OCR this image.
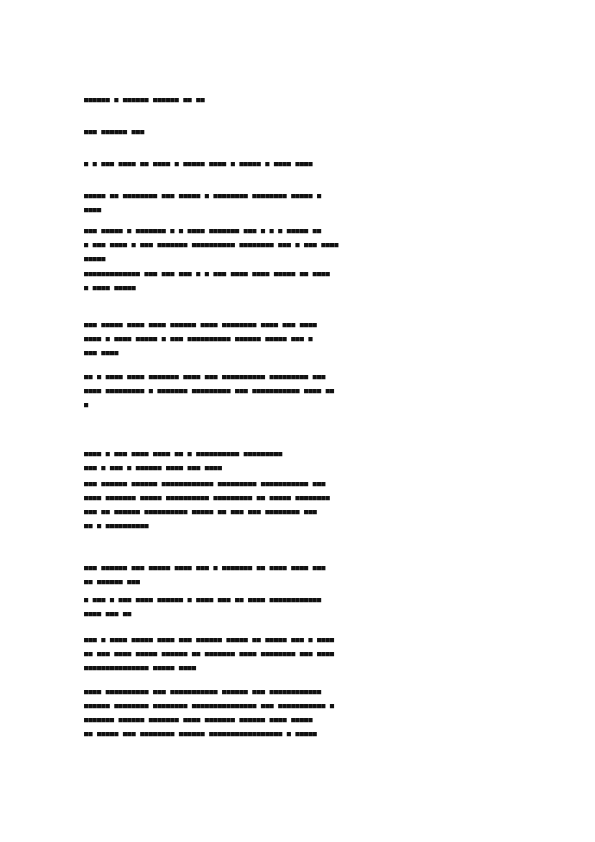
■■■■■■ ■ ■■■■■■ ■■■■■■ ■■ ■■
■■■ ■■■■■■ ■■■
■ ■ ■■■ ■■■■ ■■ ■■■■ ■ ■■■■■ ■■■■ ■ ■■■■■ ■ ■■■■ ■■■■
■■■■■ ■■ ■■■■■■■■ ■■■ ■■■■■ ■ ■■■■■■■■ ■■■■■■■■ ■■■■■ ■
■■■■
■■■ ■■■■■ ■ ■■■■■■■ ■ ■ ■■■■ ■■■■■■■ ■■■ ■ ■ ■ ■■■■■ ■■
■ ■■■ ■■■■ ■ ■■■ ■■■■■■■ ■■■■■■■■■■ ■■■■■■■■ ■■■ ■ ■■■ ■■■■
■■■■■
■■■■■■■■■■■■■ ■■■ ■■■ ■■■ ■ ■ ■■■ ■■■■ ■■■■ ■■■■■ ■■ ■■■■
■ ■■■■ ■■■■■
■■■ ■■■■■ ■■■■ ■■■■ ■■■■■■ ■■■■ ■■■■■■■■ ■■■■ ■■■ ■■■■
■■■■ ■ ■■■■ ■■■■■ ■ ■■■ ■■■■■■■■■■ ■■■■■■ ■■■■■ ■■■ ■
■■■ ■■■■
■■ ■ ■■■■ ■■■■ ■■■■■■■ ■■■■ ■■■ ■■■■■■■■■■ ■■■■■■■■■ ■■■
■■■■ ■■■■■■■■■ ■ ■■■■■■■ ■■■■■■■■■ ■■■ ■■■■■■■■■■■ ■■■■ ■■
■
■■■■ ■ ■■■ ■■■■ ■■■■ ■■ ■ ■■■■■■■■■■ ■■■■■■■■■
■■■ ■ ■■■ ■ ■■■■■■ ■■■■ ■■■ ■■■■
■■■ ■■■■■■ ■■■■■■ ■■■■■■■■■■■■ ■■■■■■■■■ ■■■■■■■■■■■ ■■■
■■■■ ■■■■■■■ ■■■■■ ■■■■■■■■■■ ■■■■■■■■■ ■■ ■■■■■ ■■■■■■■■
■■■ ■■ ■■■■■■ ■■■■■■■■■■ ■■■■■ ■■ ■■■ ■■■ ■■■■■■■■ ■■■
■■ ■ ■■■■■■■■■■
■■■ ■■■■■■ ■■■ ■■■■■ ■■■■ ■■■ ■ ■■■■■■■ ■■ ■■■■ ■■■■ ■■■
■■ ■■■■■■ ■■■
■ ■■■ ■ ■■■ ■■■■ ■■■■■■ ■ ■■■■ ■■■ ■■ ■■■■ ■■■■■■■■■■■■
■■■■ ■■■ ■■
■■■ ■ ■■■■ ■■■■■ ■■■■ ■■■ ■■■■■■ ■■■■■ ■■ ■■■■■ ■■■ ■ ■■■■
■■ ■■■ ■■■■ ■■■■■ ■■■■■■ ■■ ■■■■■■■ ■■■■ ■■■■■■■■ ■■■ ■■■■
■■■■■■■■■■■■■■■ ■■■■■ ■■■■
■■■■ ■■■■■■■■■■ ■■■ ■■■■■■■■■■■ ■■■■■■ ■■■ ■■■■■■■■■■■■
■■■■■■ ■■■■■■■■ ■■■■■■■■ ■■■■■■■■■■■■■■■ ■■■ ■■■■■■■■■■■ ■
■■■■■■■ ■■■■■■ ■■■■■■■ ■■■■ ■■■■■■■ ■■■■■■ ■■■■ ■■■■■
■■ ■■■■■ ■■■ ■■■■■■■■ ■■■■■■ ■■■■■■■■■■■■■■■■■ ■ ■■■■■
